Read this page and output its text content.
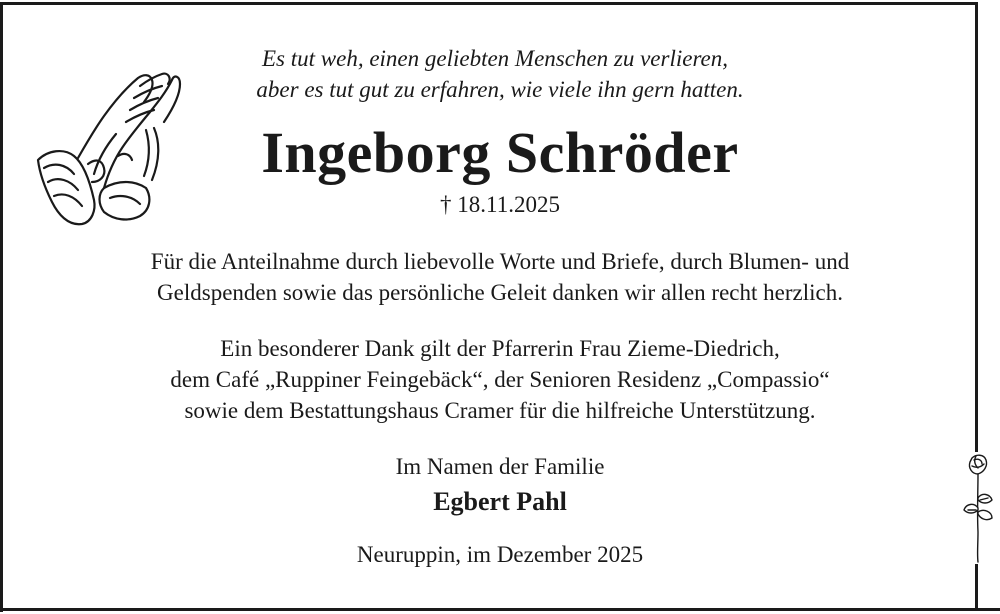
Es tut weh, einen geliebten Menschen zu verlieren,
aber es tut gut zu erfahren, wie viele ihn gern hatten.
Ingeborg Schröder
† 18.11.2025
Für die Anteilnahme durch liebevolle Worte und Briefe, durch Blumen- und
Geldspenden sowie das persönliche Geleit danken wir allen recht herzlich.
Ein besonderer Dank gilt der Pfarrerin Frau Zieme-Diedrich,
dem Café „Ruppiner Feingebäck“, der Senioren Residenz „Compassio“
sowie dem Bestattungshaus Cramer für die hilfreiche Unterstützung.
Im Namen der Familie
Egbert Pahl
Neuruppin, im Dezember 2025
